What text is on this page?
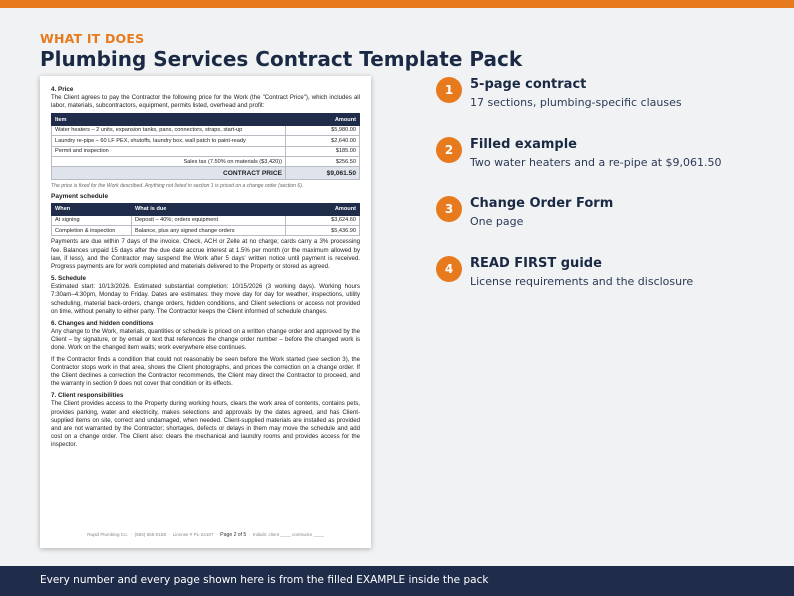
WHAT IT DOES
Plumbing Services Contract Template Pack
4. Price
The Client agrees to pay the Contractor the following price for the Work (the "Contract Price"), which includes all labor, materials, subcontractors, equipment, permits listed, overhead and profit:
Item	Amount
Water heaters – 2 units, expansion tanks, pans, connectors, straps, start-up	$5,980.00
Laundry re-pipe – 60 LF PEX, shutoffs, laundry box, wall patch to paint-ready	$2,640.00
Permit and inspection	$185.00
Sales tax (7.50% on materials ($3,420))	$256.50
CONTRACT PRICE	$9,061.50
The price is fixed for the Work described. Anything not listed in section 1 is priced on a change order (section 6).
Payment schedule
When	What is due	Amount
At signing	Deposit – 40%; orders equipment	$3,624.60
Completion & inspection	Balance, plus any signed change orders	$5,436.90
Payments are due within 7 days of the invoice. Check, ACH or Zelle at no charge; cards carry a 3% processing fee. Balances unpaid 15 days after the due date accrue interest at 1.5% per month (or the maximum allowed by law, if less), and the Contractor may suspend the Work after 5 days' written notice until payment is received. Progress payments are for work completed and materials delivered to the Property or stored as agreed.
5. Schedule
Estimated start: 10/13/2026. Estimated substantial completion: 10/15/2026 (3 working days). Working hours 7:30am–4:30pm, Monday to Friday. Dates are estimates: they move day for day for weather, inspections, utility scheduling, material back-orders, change orders, hidden conditions, and Client selections or access not provided on time, without penalty to either party. The Contractor keeps the Client informed of schedule changes.
6. Changes and hidden conditions
Any change to the Work, materials, quantities or schedule is priced on a written change order and approved by the Client – by signature, or by email or text that references the change order number – before the changed work is done. Work on the changed item waits; work everywhere else continues.
If the Contractor finds a condition that could not reasonably be seen before the Work started (see section 3), the Contractor stops work in that area, shows the Client photographs, and prices the correction on a change order. If the Client declines a correction the Contractor recommends, the Client may direct the Contractor to proceed, and the warranty in section 9 does not cover that condition or its effects.
7. Client responsibilities
The Client provides access to the Property during working hours, clears the work area of contents, contains pets, provides parking, water and electricity, makes selections and approvals by the dates agreed, and has Client-supplied items on site, correct and undamaged, when needed. Client-supplied materials are installed as provided and are not warranted by the Contractor; shortages, defects or delays in them may move the schedule and add cost on a change order. The Client also: clears the mechanical and laundry rooms and provides access for the inspector.
Rapid Plumbing Co.  ·  (555) 555-0188  ·  License # PL-24107  ·  Page 2 of 5  ·  Initials: client ____ contractor ____
1	5-page contract
17 sections, plumbing-specific clauses
2	Filled example
Two water heaters and a re-pipe at $9,061.50
3	Change Order Form
One page
4	READ FIRST guide
License requirements and the disclosure
Every number and every page shown here is from the filled EXAMPLE inside the pack
